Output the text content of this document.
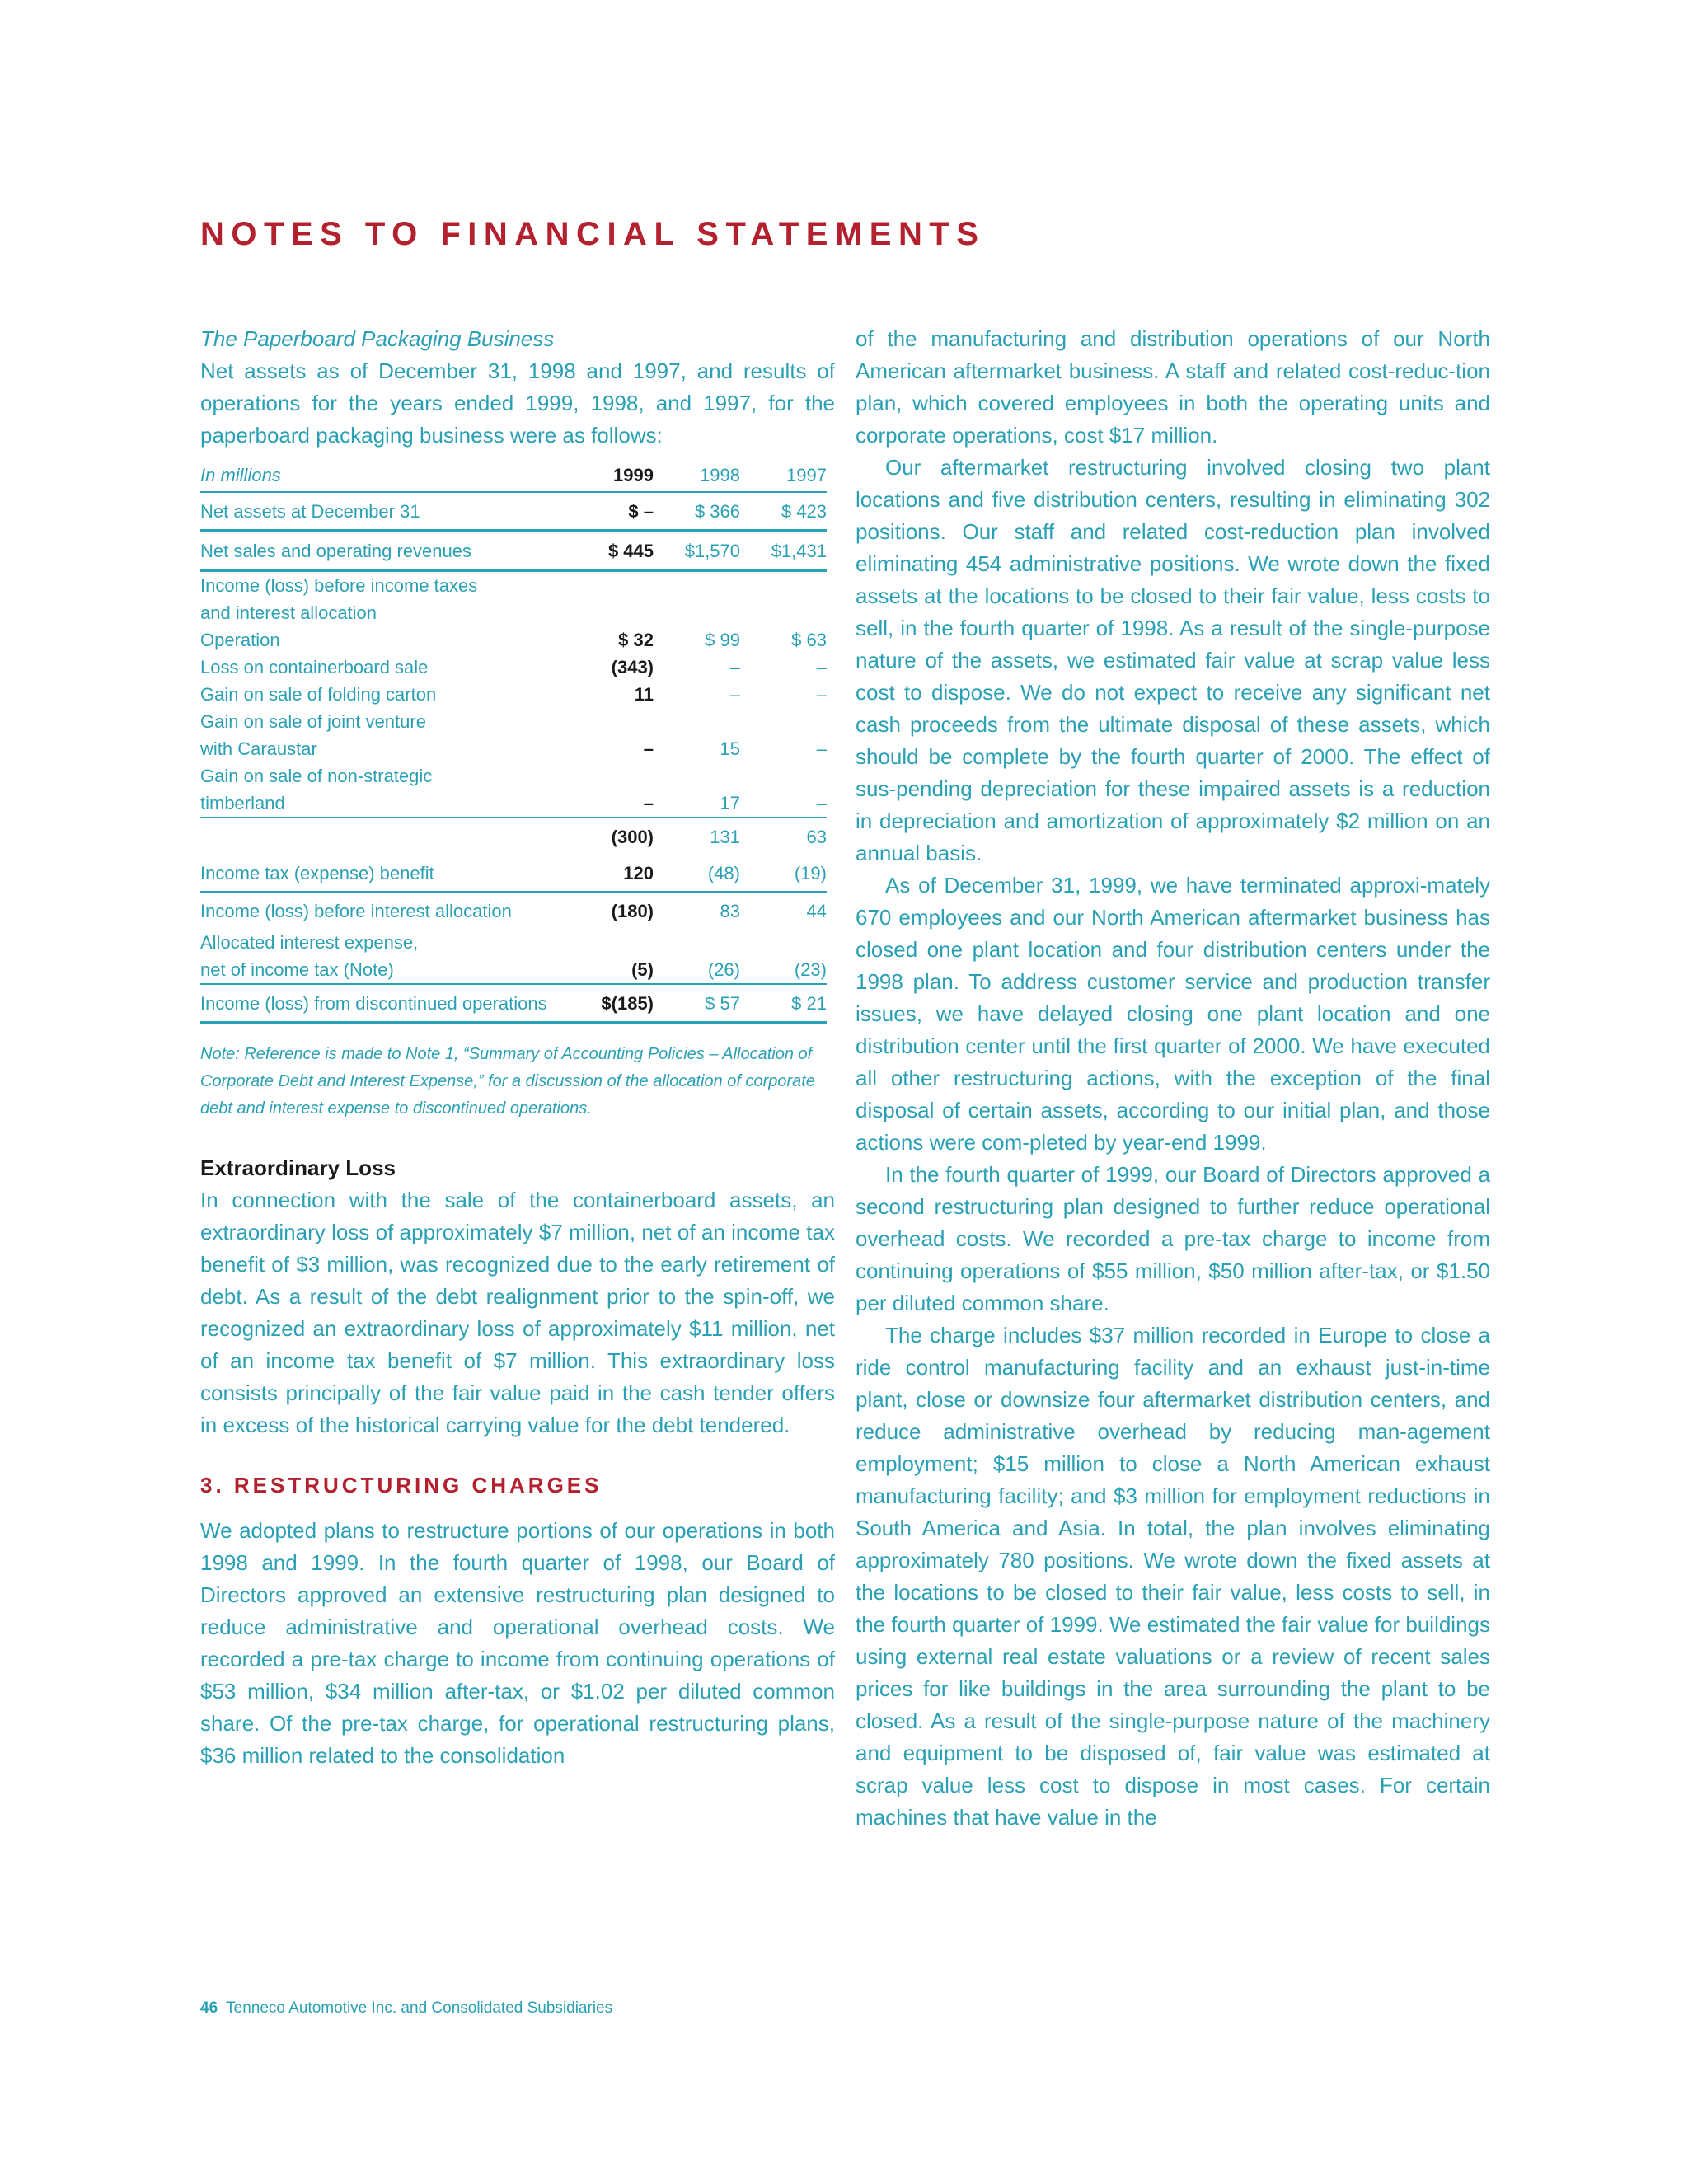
NOTES TO FINANCIAL STATEMENTS

The Paperboard Packaging Business

Net assets as of December 31, 1998 and 1997, and results of operations for the years ended 1999, 1998, and 1997, for the paperboard packaging business were as follows:

In millions	1999	1998	1997
Net assets at December 31	$ –	$ 366	$ 423
Net sales and operating revenues	$ 445	$1,570	$1,431
Income (loss) before income taxes			
and interest allocation			
Operation	$ 32	$ 99	$ 63
Loss on containerboard sale	(343)	–	–
Gain on sale of folding carton	11	–	–
Gain on sale of joint venture			
with Caraustar	–	15	–
Gain on sale of non-strategic			
timberland	–	17	–
	(300)	131	63
Income tax (expense) benefit	120	(48)	(19)
Income (loss) before interest allocation	(180)	83	44
Allocated interest expense,			
net of income tax (Note)	(5)	(26)	(23)
Income (loss) from discontinued operations	$(185)	$ 57	$ 21

Note: Reference is made to Note 1, “Summary of Accounting Policies – Allocation of Corporate Debt and Interest Expense,” for a discussion of the allocation of corporate debt and interest expense to discontinued operations.

Extraordinary Loss

In connection with the sale of the containerboard assets, an extraordinary loss of approximately $7 million, net of an income tax benefit of $3 million, was recognized due to the early retirement of debt. As a result of the debt realignment prior to the spin-off, we recognized an extraordinary loss of approximately $11 million, net of an income tax benefit of $7 million. This extraordinary loss consists principally of the fair value paid in the cash tender offers in excess of the historical carrying value for the debt tendered.

3. RESTRUCTURING CHARGES

We adopted plans to restructure portions of our operations in both 1998 and 1999. In the fourth quarter of 1998, our Board of Directors approved an extensive restructuring plan designed to reduce administrative and operational overhead costs. We recorded a pre-tax charge to income from continuing operations of $53 million, $34 million after-tax, or $1.02 per diluted common share. Of the pre-tax charge, for operational restructuring plans, $36 million related to the consolidation

of the manufacturing and distribution operations of our North American aftermarket business. A staff and related cost-reduc-tion plan, which covered employees in both the operating units and corporate operations, cost $17 million.

Our aftermarket restructuring involved closing two plant locations and five distribution centers, resulting in eliminating 302 positions. Our staff and related cost-reduction plan involved eliminating 454 administrative positions. We wrote down the fixed assets at the locations to be closed to their fair value, less costs to sell, in the fourth quarter of 1998. As a result of the single-purpose nature of the assets, we estimated fair value at scrap value less cost to dispose. We do not expect to receive any significant net cash proceeds from the ultimate disposal of these assets, which should be complete by the fourth quarter of 2000. The effect of sus-pending depreciation for these impaired assets is a reduction in depreciation and amortization of approximately $2 million on an annual basis.

As of December 31, 1999, we have terminated approxi-mately 670 employees and our North American aftermarket business has closed one plant location and four distribution centers under the 1998 plan. To address customer service and production transfer issues, we have delayed closing one plant location and one distribution center until the first quarter of 2000. We have executed all other restructuring actions, with the exception of the final disposal of certain assets, according to our initial plan, and those actions were com-pleted by year-end 1999.

In the fourth quarter of 1999, our Board of Directors approved a second restructuring plan designed to further reduce operational overhead costs. We recorded a pre-tax charge to income from continuing operations of $55 million, $50 million after-tax, or $1.50 per diluted common share.

The charge includes $37 million recorded in Europe to close a ride control manufacturing facility and an exhaust just-in-time plant, close or downsize four aftermarket distribution centers, and reduce administrative overhead by reducing man-agement employment; $15 million to close a North American exhaust manufacturing facility; and $3 million for employment reductions in South America and Asia. In total, the plan involves eliminating approximately 780 positions. We wrote down the fixed assets at the locations to be closed to their fair value, less costs to sell, in the fourth quarter of 1999. We estimated the fair value for buildings using external real estate valuations or a review of recent sales prices for like buildings in the area surrounding the plant to be closed. As a result of the single-purpose nature of the machinery and equipment to be disposed of, fair value was estimated at scrap value less cost to dispose in most cases. For certain machines that have value in the

46 Tenneco Automotive Inc. and Consolidated Subsidiaries
